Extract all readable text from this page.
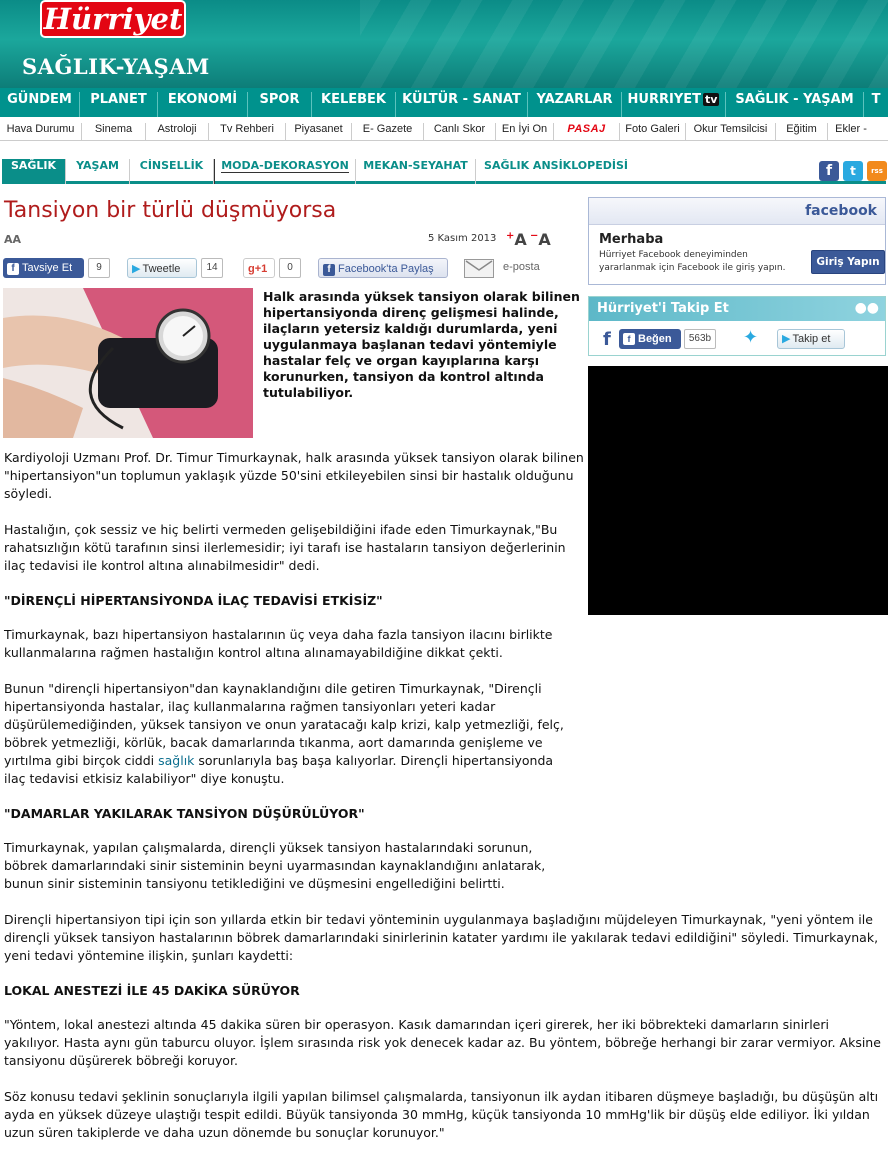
Hürriyet
SAĞLIK-YAŞAM
GÜNDEM PLANET EKONOMİ SPOR KELEBEK KÜLTÜR - SANAT YAZARLAR HURRIYET tv SAĞLIK - YAŞAM T
Hava Durumu Sinema Astroloji Tv Rehberi Piyasanet E- Gazete Canlı Skor En İyi On PASAJ Foto Galeri Okur Temsilcisi Eğitim Ekler -
SAĞLIK	YAŞAM	CİNSELLİK	MODA-DEKORASYON	MEKAN-SEYAHAT	SAĞLIK ANSİKLOPEDİSİ	f	t	rss
Tansiyon bir türlü düşmüyorsa
AA	5 Kasım 2013 +A −A
f Tavsiye Et	9	▶ Tweetle	14	g+1	0	f Facebook'ta Paylaş	e-posta
Halk arasında yüksek tansiyon olarak bilinen hipertansiyonda direnç gelişmesi halinde, ilaçların yetersiz kaldığı durumlarda, yeni uygulanmaya başlanan tedavi yöntemiyle hastalar felç ve organ kayıplarına karşı korunurken, tansiyon da kontrol altında tutulabiliyor.

Kardiyoloji Uzmanı Prof. Dr. Timur Timurkaynak, halk arasında yüksek tansiyon olarak bilinen "hipertansiyon"un toplumun yaklaşık yüzde 50'sini etkileyebilen sinsi bir hastalık olduğunu söyledi.

Hastalığın, çok sessiz ve hiç belirti vermeden gelişebildiğini ifade eden Timurkaynak,"Bu rahatsızlığın kötü tarafının sinsi ilerlemesidir; iyi tarafı ise hastaların tansiyon değerlerinin ilaç tedavisi ile kontrol altına alınabilmesidir" dedi.

"DİRENÇLİ HİPERTANSİYONDA İLAÇ TEDAVİSİ ETKİSİZ"

Timurkaynak, bazı hipertansiyon hastalarının üç veya daha fazla tansiyon ilacını birlikte kullanmalarına rağmen hastalığın kontrol altına alınamayabildiğine dikkat çekti.

Bunun "dirençli hipertansiyon"dan kaynaklandığını dile getiren Timurkaynak, "Dirençli hipertansiyonda hastalar, ilaç kullanmalarına rağmen tansiyonları yeteri kadar düşürülemediğinden, yüksek tansiyon ve onun yaratacağı kalp krizi, kalp yetmezliği, felç, böbrek yetmezliği, körlük, bacak damarlarında tıkanma, aort damarında genişleme ve yırtılma gibi birçok ciddi sağlık sorunlarıyla baş başa kalıyorlar. Dirençli hipertansiyonda ilaç tedavisi etkisiz kalabiliyor" diye konuştu.

"DAMARLAR YAKILARAK TANSİYON DÜŞÜRÜLÜYOR"

Timurkaynak, yapılan çalışmalarda, dirençli yüksek tansiyon hastalarındaki sorunun, böbrek damarlarındaki sinir sisteminin beyni uyarmasından kaynaklandığını anlatarak, bunun sinir sisteminin tansiyonu tetiklediğini ve düşmesini engellediğini belirtti.

Dirençli hipertansiyon tipi için son yıllarda etkin bir tedavi yönteminin uygulanmaya başladığını müjdeleyen Timurkaynak, "yeni yöntem ile dirençli yüksek tansiyon hastalarının böbrek damarlarındaki sinirlerinin katater yardımı ile yakılarak tedavi edildiğini" söyledi. Timurkaynak, yeni tedavi yöntemine ilişkin, şunları kaydetti:

LOKAL ANESTEZİ İLE 45 DAKİKA SÜRÜYOR

"Yöntem, lokal anestezi altında 45 dakika süren bir operasyon. Kasık damarından içeri girerek, her iki böbrekteki damarların sinirleri yakılıyor. Hasta aynı gün taburcu oluyor. İşlem sırasında risk yok denecek kadar az. Bu yöntem, böbreğe herhangi bir zarar vermiyor. Aksine tansiyonu düşürerek böbreği koruyor.

Söz konusu tedavi şeklinin sonuçlarıyla ilgili yapılan bilimsel çalışmalarda, tansiyonun ilk aydan itibaren düşmeye başladığı, bu düşüşün altı ayda en yüksek düzeye ulaştığı tespit edildi. Büyük tansiyonda 30 mmHg, küçük tansiyonda 10 mmHg'lik bir düşüş elde ediliyor. İki yıldan uzun süren takiplerde ve daha uzun dönemde bu sonuçlar korunuyor."

facebook
Merhaba
Hürriyet Facebook deneyiminden yararlanmak için Facebook ile giriş yapın.	Giriş Yapın
Hürriyet'i Takip Et	●●
f	f Beğen	563b ✦	▶ Takip et
